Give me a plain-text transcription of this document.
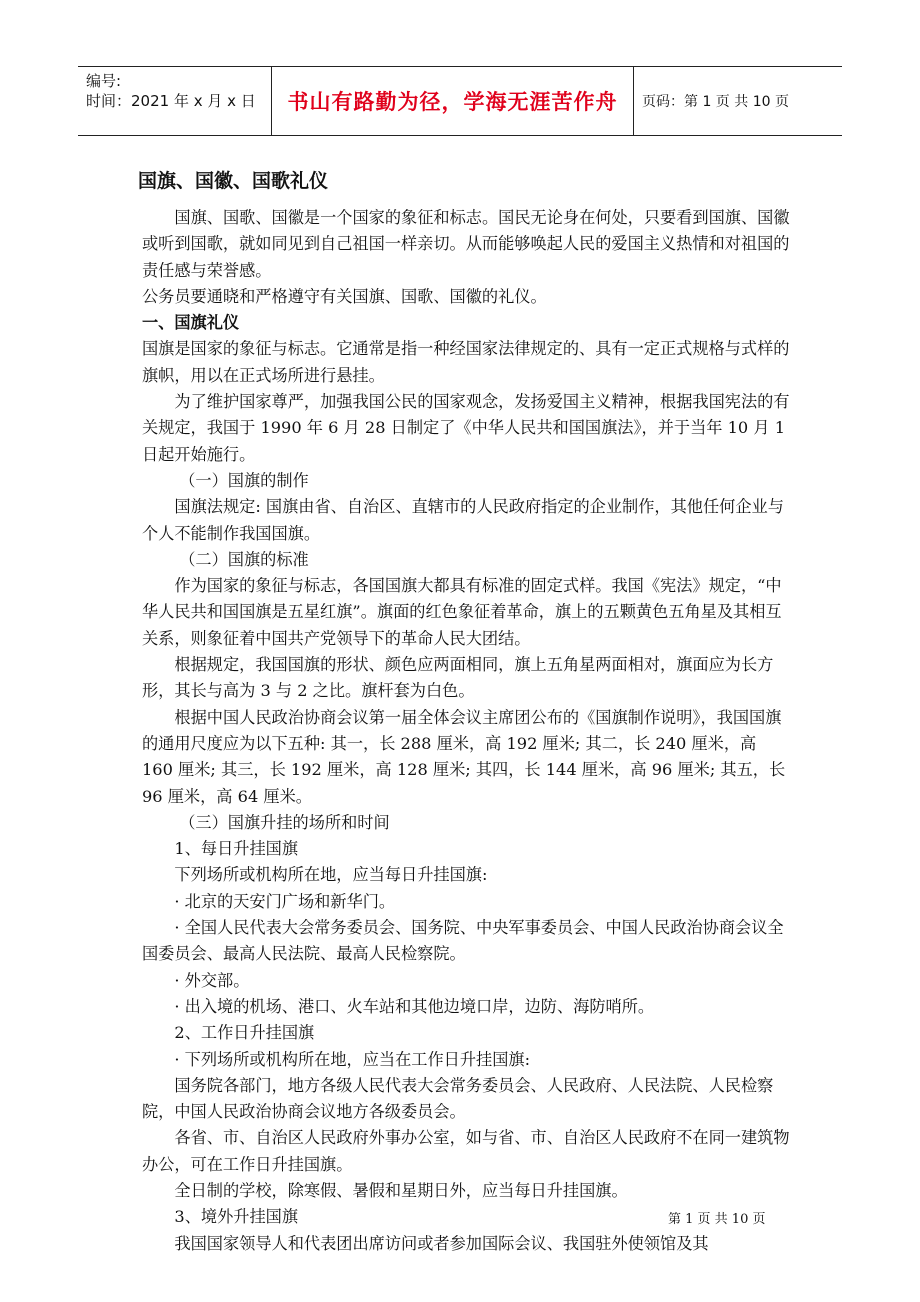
编号:
时间：2021 年 x 月 x 日	书山有路勤为径，学海无涯苦作舟	页码：第 1 页 共 10 页
国旗、国徽、国歌礼仪

国旗、国歌、国徽是一个国家的象征和标志。国民无论身在何处，只要看到国旗、国徽或听到国歌，就如同见到自己祖国一样亲切。从而能够唤起人民的爱国主义热情和对祖国的责任感与荣誉感。

公务员要通晓和严格遵守有关国旗、国歌、国徽的礼仪。

一、国旗礼仪

国旗是国家的象征与标志。它通常是指一种经国家法律规定的、具有一定正式规格与式样的旗帜，用以在正式场所进行悬挂。

为了维护国家尊严，加强我国公民的国家观念，发扬爱国主义精神，根据我国宪法的有关规定，我国于 1990 年 6 月 28 日制定了《中华人民共和国国旗法》，并于当年 10 月 1 日起开始施行。

（一）国旗的制作

国旗法规定: 国旗由省、自治区、直辖市的人民政府指定的企业制作，其他任何企业与个人不能制作我国国旗。

（二）国旗的标准

作为国家的象征与标志，各国国旗大都具有标准的固定式样。我国《宪法》规定，“中华人民共和国国旗是五星红旗”。旗面的红色象征着革命，旗上的五颗黄色五角星及其相互关系，则象征着中国共产党领导下的革命人民大团结。

根据规定，我国国旗的形状、颜色应两面相同，旗上五角星两面相对，旗面应为长方形，其长与高为 3 与 2 之比。旗杆套为白色。

根据中国人民政治协商会议第一届全体会议主席团公布的《国旗制作说明》，我国国旗的通用尺度应为以下五种: 其一，长 288 厘米，高 192 厘米; 其二，长 240 厘米，高 160 厘米; 其三，长 192 厘米，高 128 厘米; 其四，长 144 厘米，高 96 厘米; 其五，长 96 厘米，高 64 厘米。

（三）国旗升挂的场所和时间

1、每日升挂国旗

下列场所或机构所在地，应当每日升挂国旗:

· 北京的天安门广场和新华门。

· 全国人民代表大会常务委员会、国务院、中央军事委员会、中国人民政治协商会议全国委员会、最高人民法院、最高人民检察院。

· 外交部。

· 出入境的机场、港口、火车站和其他边境口岸，边防、海防哨所。

2、工作日升挂国旗

· 下列场所或机构所在地，应当在工作日升挂国旗:

国务院各部门，地方各级人民代表大会常务委员会、人民政府、人民法院、人民检察院，中国人民政治协商会议地方各级委员会。

各省、市、自治区人民政府外事办公室，如与省、市、自治区人民政府不在同一建筑物办公，可在工作日升挂国旗。

全日制的学校，除寒假、暑假和星期日外，应当每日升挂国旗。

3、境外升挂国旗

我国国家领导人和代表团出席访问或者参加国际会议、我国驻外使领馆及其

第 1 页 共 10 页
